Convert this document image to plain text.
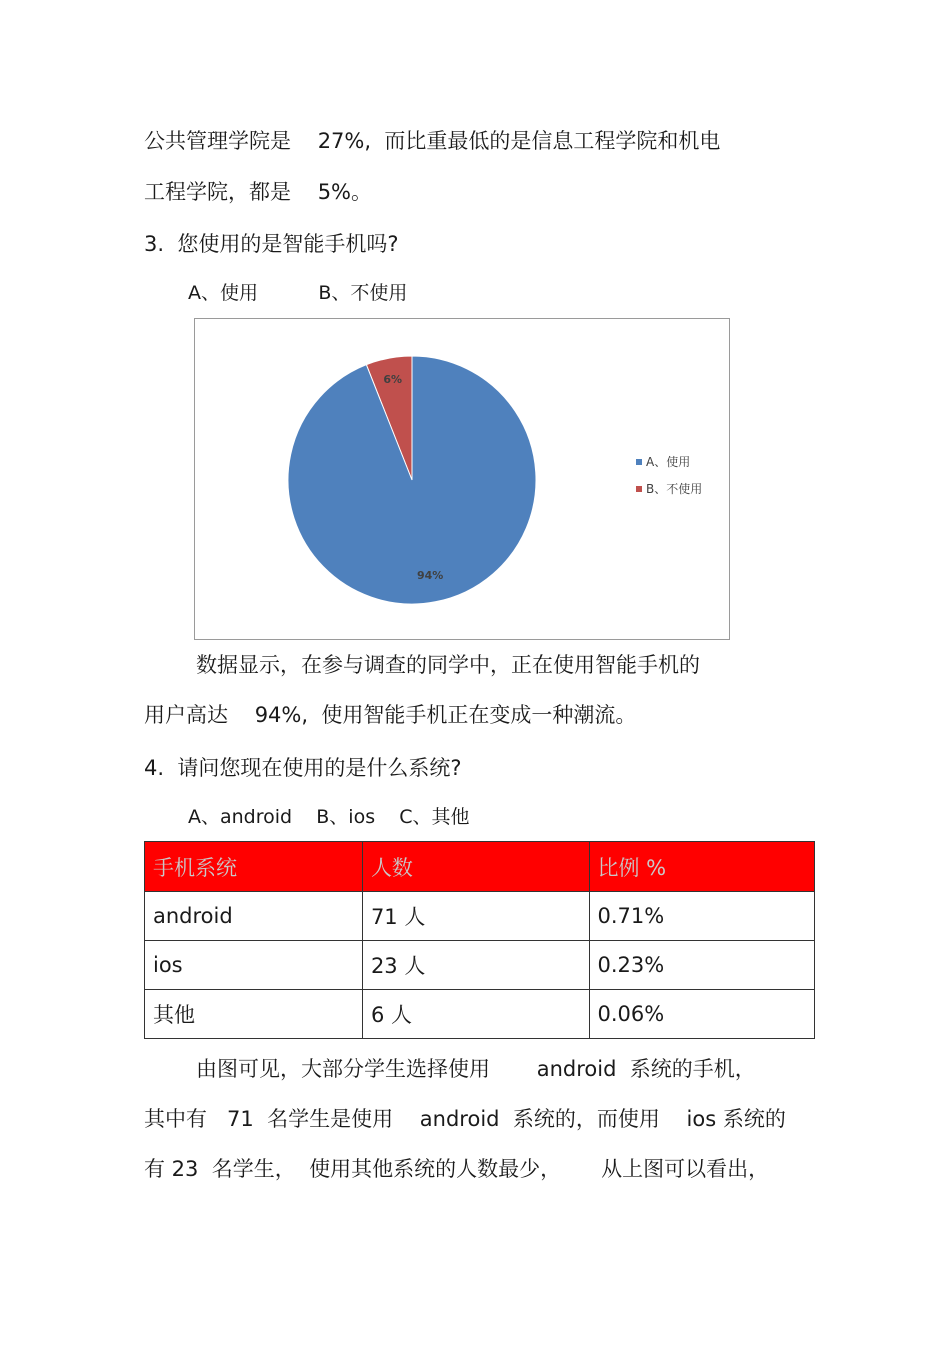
公共管理学院是    27%,  而比重最低的是信息工程学院和机电
工程学院，都是    5%。
3.  您使用的是智能手机吗?
A、使用          B、不使用
6%
94%
A、使用
B、不使用
数据显示，在参与调查的同学中，正在使用智能手机的
用户高达    94%,  使用智能手机正在变成一种潮流。
4.  请问您现在使用的是什么系统?
A、android    B、ios    C、其他
手机系统	人数	比例 %
android	71 人	0.71%
ios	23 人	0.23%
其他	6 人	0.06%
由图可见，大部分学生选择使用       android  系统的手机，
其中有   71  名学生是使用    android  系统的，而使用    ios 系统的
有 23  名学生，  使用其他系统的人数最少，      从上图可以看出，
